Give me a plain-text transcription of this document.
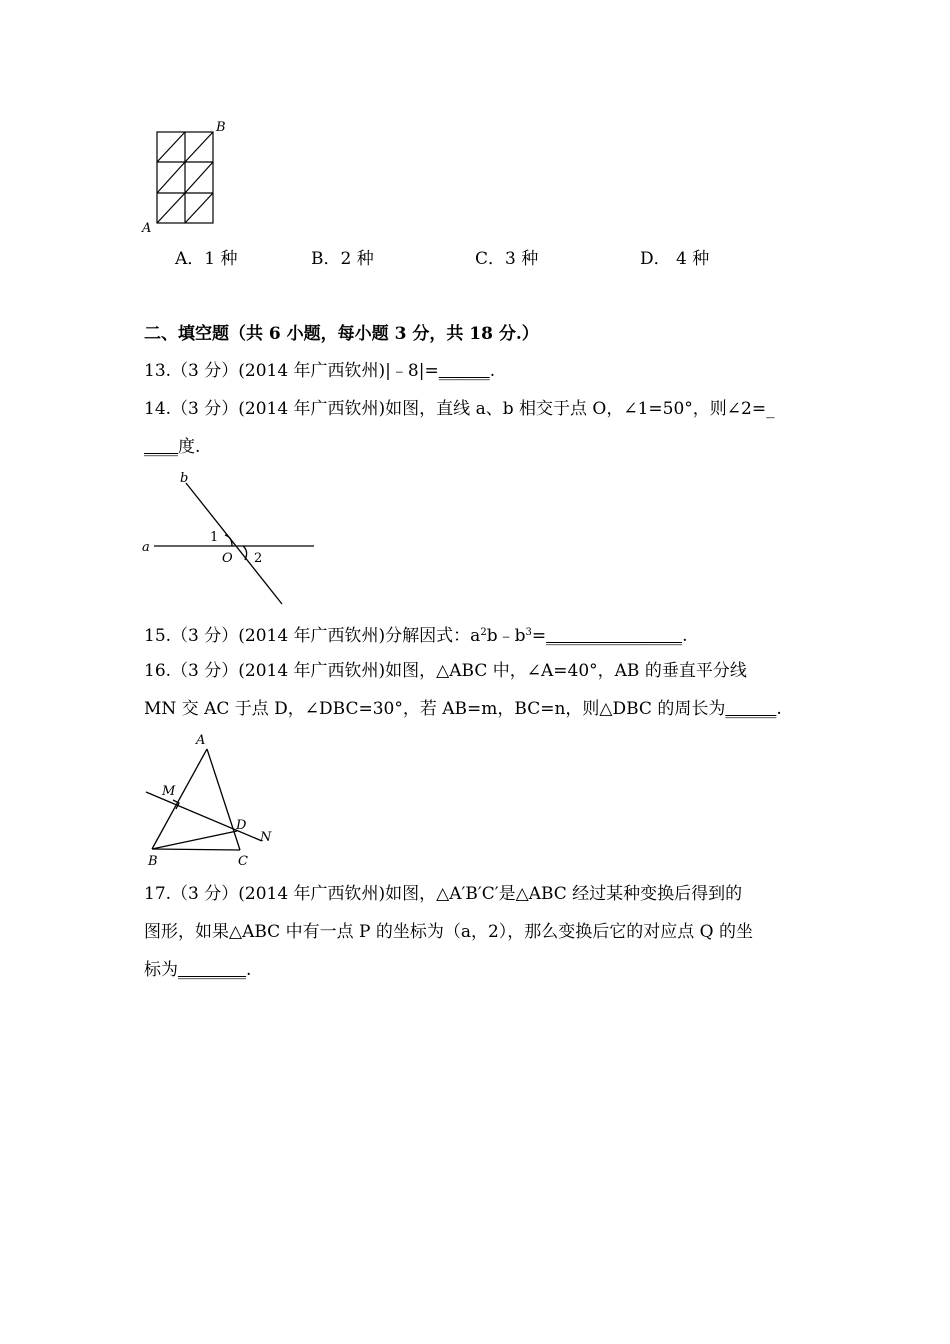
B
A
A．1 种	B．2 种	C．3 种	D． 4 种
二、填空题（共 6 小题，每小题 3 分，共 18 分.）
13.（3 分）(2014 年广西钦州)|﹣8|=______.
14.（3 分）(2014 年广西钦州)如图，直线 a、b 相交于点 O，∠1=50°，则∠2=_
____度.
b
a
1
O 2
15.（3 分）(2014 年广西钦州)分解因式：$a^2b﹣b^3=\_\_\_\_\_\_\_\_\_\_\_\_\_\_\_\_$.
16.（3 分）(2014 年广西钦州)如图，△ABC 中，∠A=40°，AB 的垂直平分线
MN 交 AC 于点 D，∠DBC=30°，若 AB=m，BC=n，则△DBC 的周长为______.
A
M
D
N
B	C
17.（3 分）(2014 年广西钦州)如图，△A′B′C′是△ABC 经过某种变换后得到的
图形，如果△ABC 中有一点 P 的坐标为（a，2），那么变换后它的对应点 Q 的坐
标为________.
